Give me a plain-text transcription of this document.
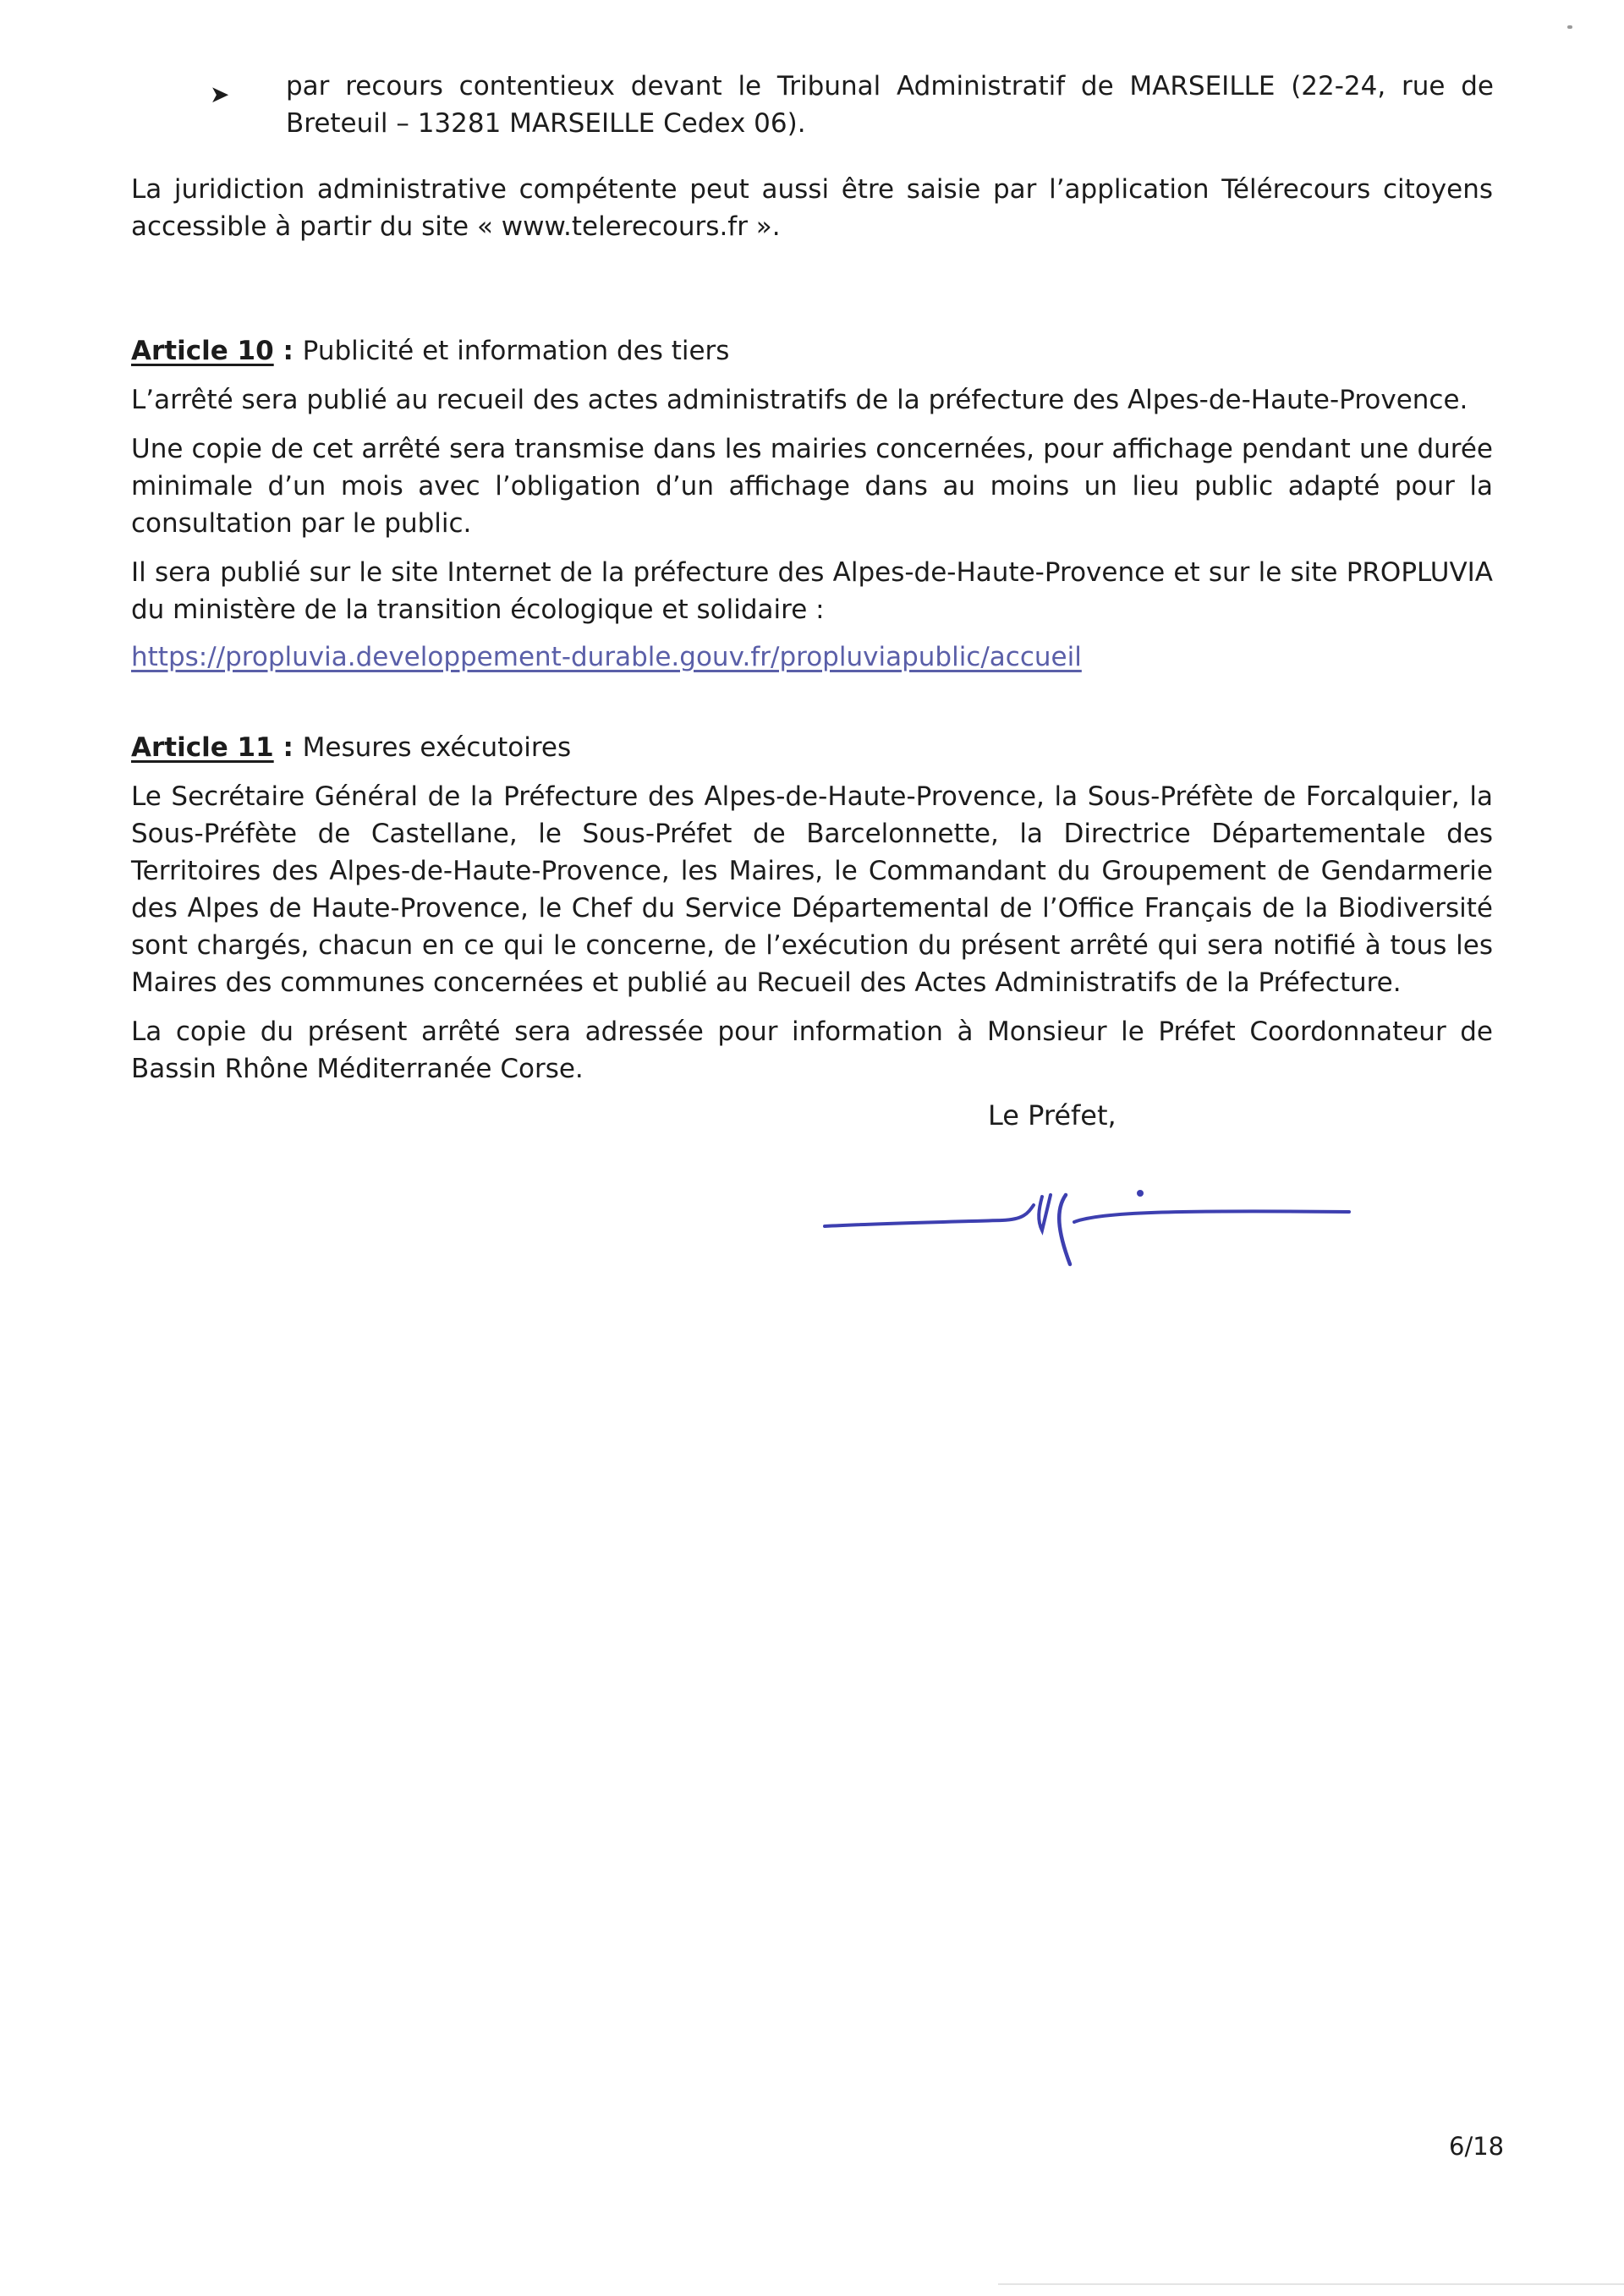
➤ par recours contentieux devant le Tribunal Administratif de MARSEILLE (22-24, rue de Breteuil – 13281 MARSEILLE Cedex 06).

La juridiction administrative compétente peut aussi être saisie par l’application Télérecours citoyens accessible à partir du site « www.telerecours.fr ».

Article 10 : Publicité et information des tiers

L’arrêté sera publié au recueil des actes administratifs de la préfecture des Alpes-de-Haute-Provence.

Une copie de cet arrêté sera transmise dans les mairies concernées, pour affichage pendant une durée minimale d’un mois avec l’obligation d’un affichage dans au moins un lieu public adapté pour la consultation par le public.

Il sera publié sur le site Internet de la préfecture des Alpes-de-Haute-Provence et sur le site PROPLUVIA du ministère de la transition écologique et solidaire :

https://propluvia.developpement-durable.gouv.fr/propluviapublic/accueil

Article 11 : Mesures exécutoires

Le Secrétaire Général de la Préfecture des Alpes-de-Haute-Provence, la Sous-Préfète de Forcalquier, la Sous-Préfète de Castellane, le Sous-Préfet de Barcelonnette, la Directrice Départementale des Territoires des Alpes-de-Haute-Provence, les Maires, le Commandant du Groupement de Gendarmerie des Alpes de Haute-Provence, le Chef du Service Départemental de l’Office Français de la Biodiversité sont chargés, chacun en ce qui le concerne, de l’exécution du présent arrêté qui sera notifié à tous les Maires des communes concernées et publié au Recueil des Actes Administratifs de la Préfecture.

La copie du présent arrêté sera adressée pour information à Monsieur le Préfet Coordonnateur de Bassin Rhône Méditerranée Corse.

Le Préfet,
6/18
